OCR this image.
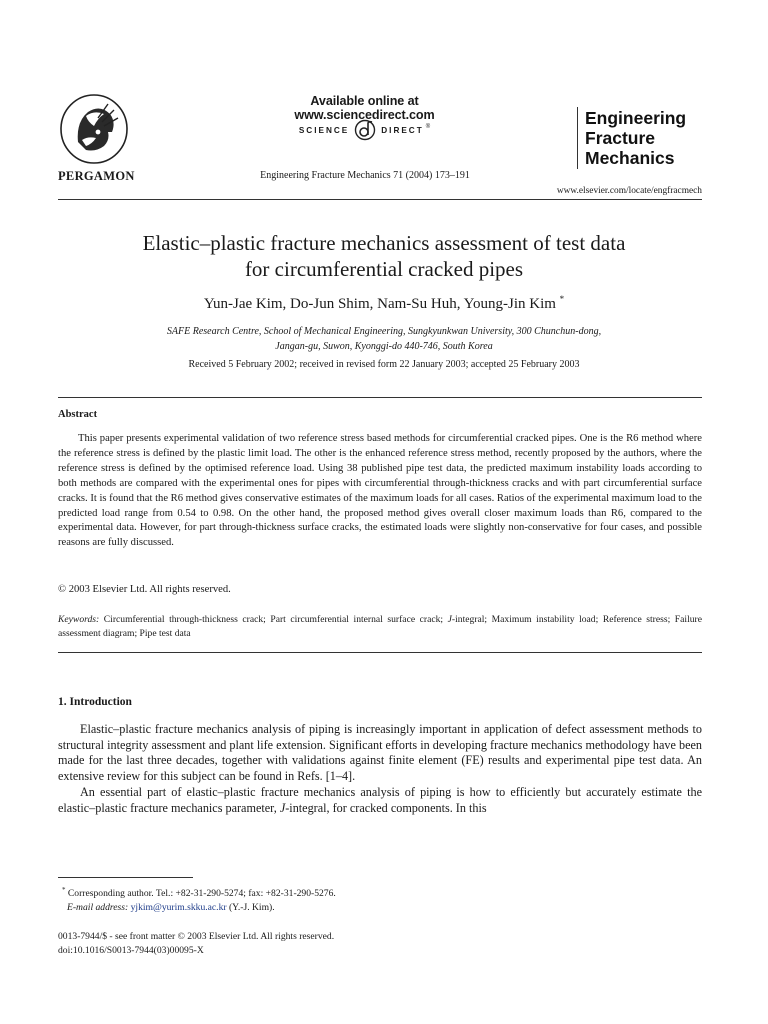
PERGAMON
Available online at www.sciencedirect.com
SCIENCE	DIRECT ®
Engineering Fracture Mechanics 71 (2004) 173–191
Engineering
Fracture
Mechanics
www.elsevier.com/locate/engfracmech
Elastic–plastic fracture mechanics assessment of test data
for circumferential cracked pipes
Yun-Jae Kim, Do-Jun Shim, Nam-Su Huh, Young-Jin Kim *
SAFE Research Centre, School of Mechanical Engineering, Sungkyunkwan University, 300 Chunchun-dong,
Jangan-gu, Suwon, Kyonggi-do 440-746, South Korea
Received 5 February 2002; received in revised form 22 January 2003; accepted 25 February 2003
Abstract
This paper presents experimental validation of two reference stress based methods for circumferential cracked pipes. One is the R6 method where the reference stress is defined by the plastic limit load. The other is the enhanced reference stress method, recently proposed by the authors, where the reference stress is defined by the optimised reference load. Using 38 published pipe test data, the predicted maximum instability loads according to both methods are compared with the experimental ones for pipes with circumferential through-thickness cracks and with part circumferential surface cracks. It is found that the R6 method gives conservative estimates of the maximum loads for all cases. Ratios of the experimental maximum load to the predicted load range from 0.54 to 0.98. On the other hand, the proposed method gives overall closer maximum loads than R6, compared to the experimental data. However, for part through-thickness surface cracks, the estimated loads were slightly non-conservative for four cases, and possible reasons are fully discussed.
© 2003 Elsevier Ltd. All rights reserved.
Keywords: Circumferential through-thickness crack; Part circumferential internal surface crack; J-integral; Maximum instability load; Reference stress; Failure assessment diagram; Pipe test data
1. Introduction

Elastic–plastic fracture mechanics analysis of piping is increasingly important in application of defect assessment methods to structural integrity assessment and plant life extension. Significant efforts in developing fracture mechanics methodology have been made for the last three decades, together with validations against finite element (FE) results and experimental pipe test data. An extensive review for this subject can be found in Refs. [1–4].

An essential part of elastic–plastic fracture mechanics analysis of piping is how to efficiently but accurately estimate the elastic–plastic fracture mechanics parameter, J-integral, for cracked components. In this

* Corresponding author. Tel.: +82-31-290-5274; fax: +82-31-290-5276.
E-mail address: yjkim@yurim.skku.ac.kr (Y.-J. Kim).
0013-7944/$ - see front matter © 2003 Elsevier Ltd. All rights reserved.
doi:10.1016/S0013-7944(03)00095-X
